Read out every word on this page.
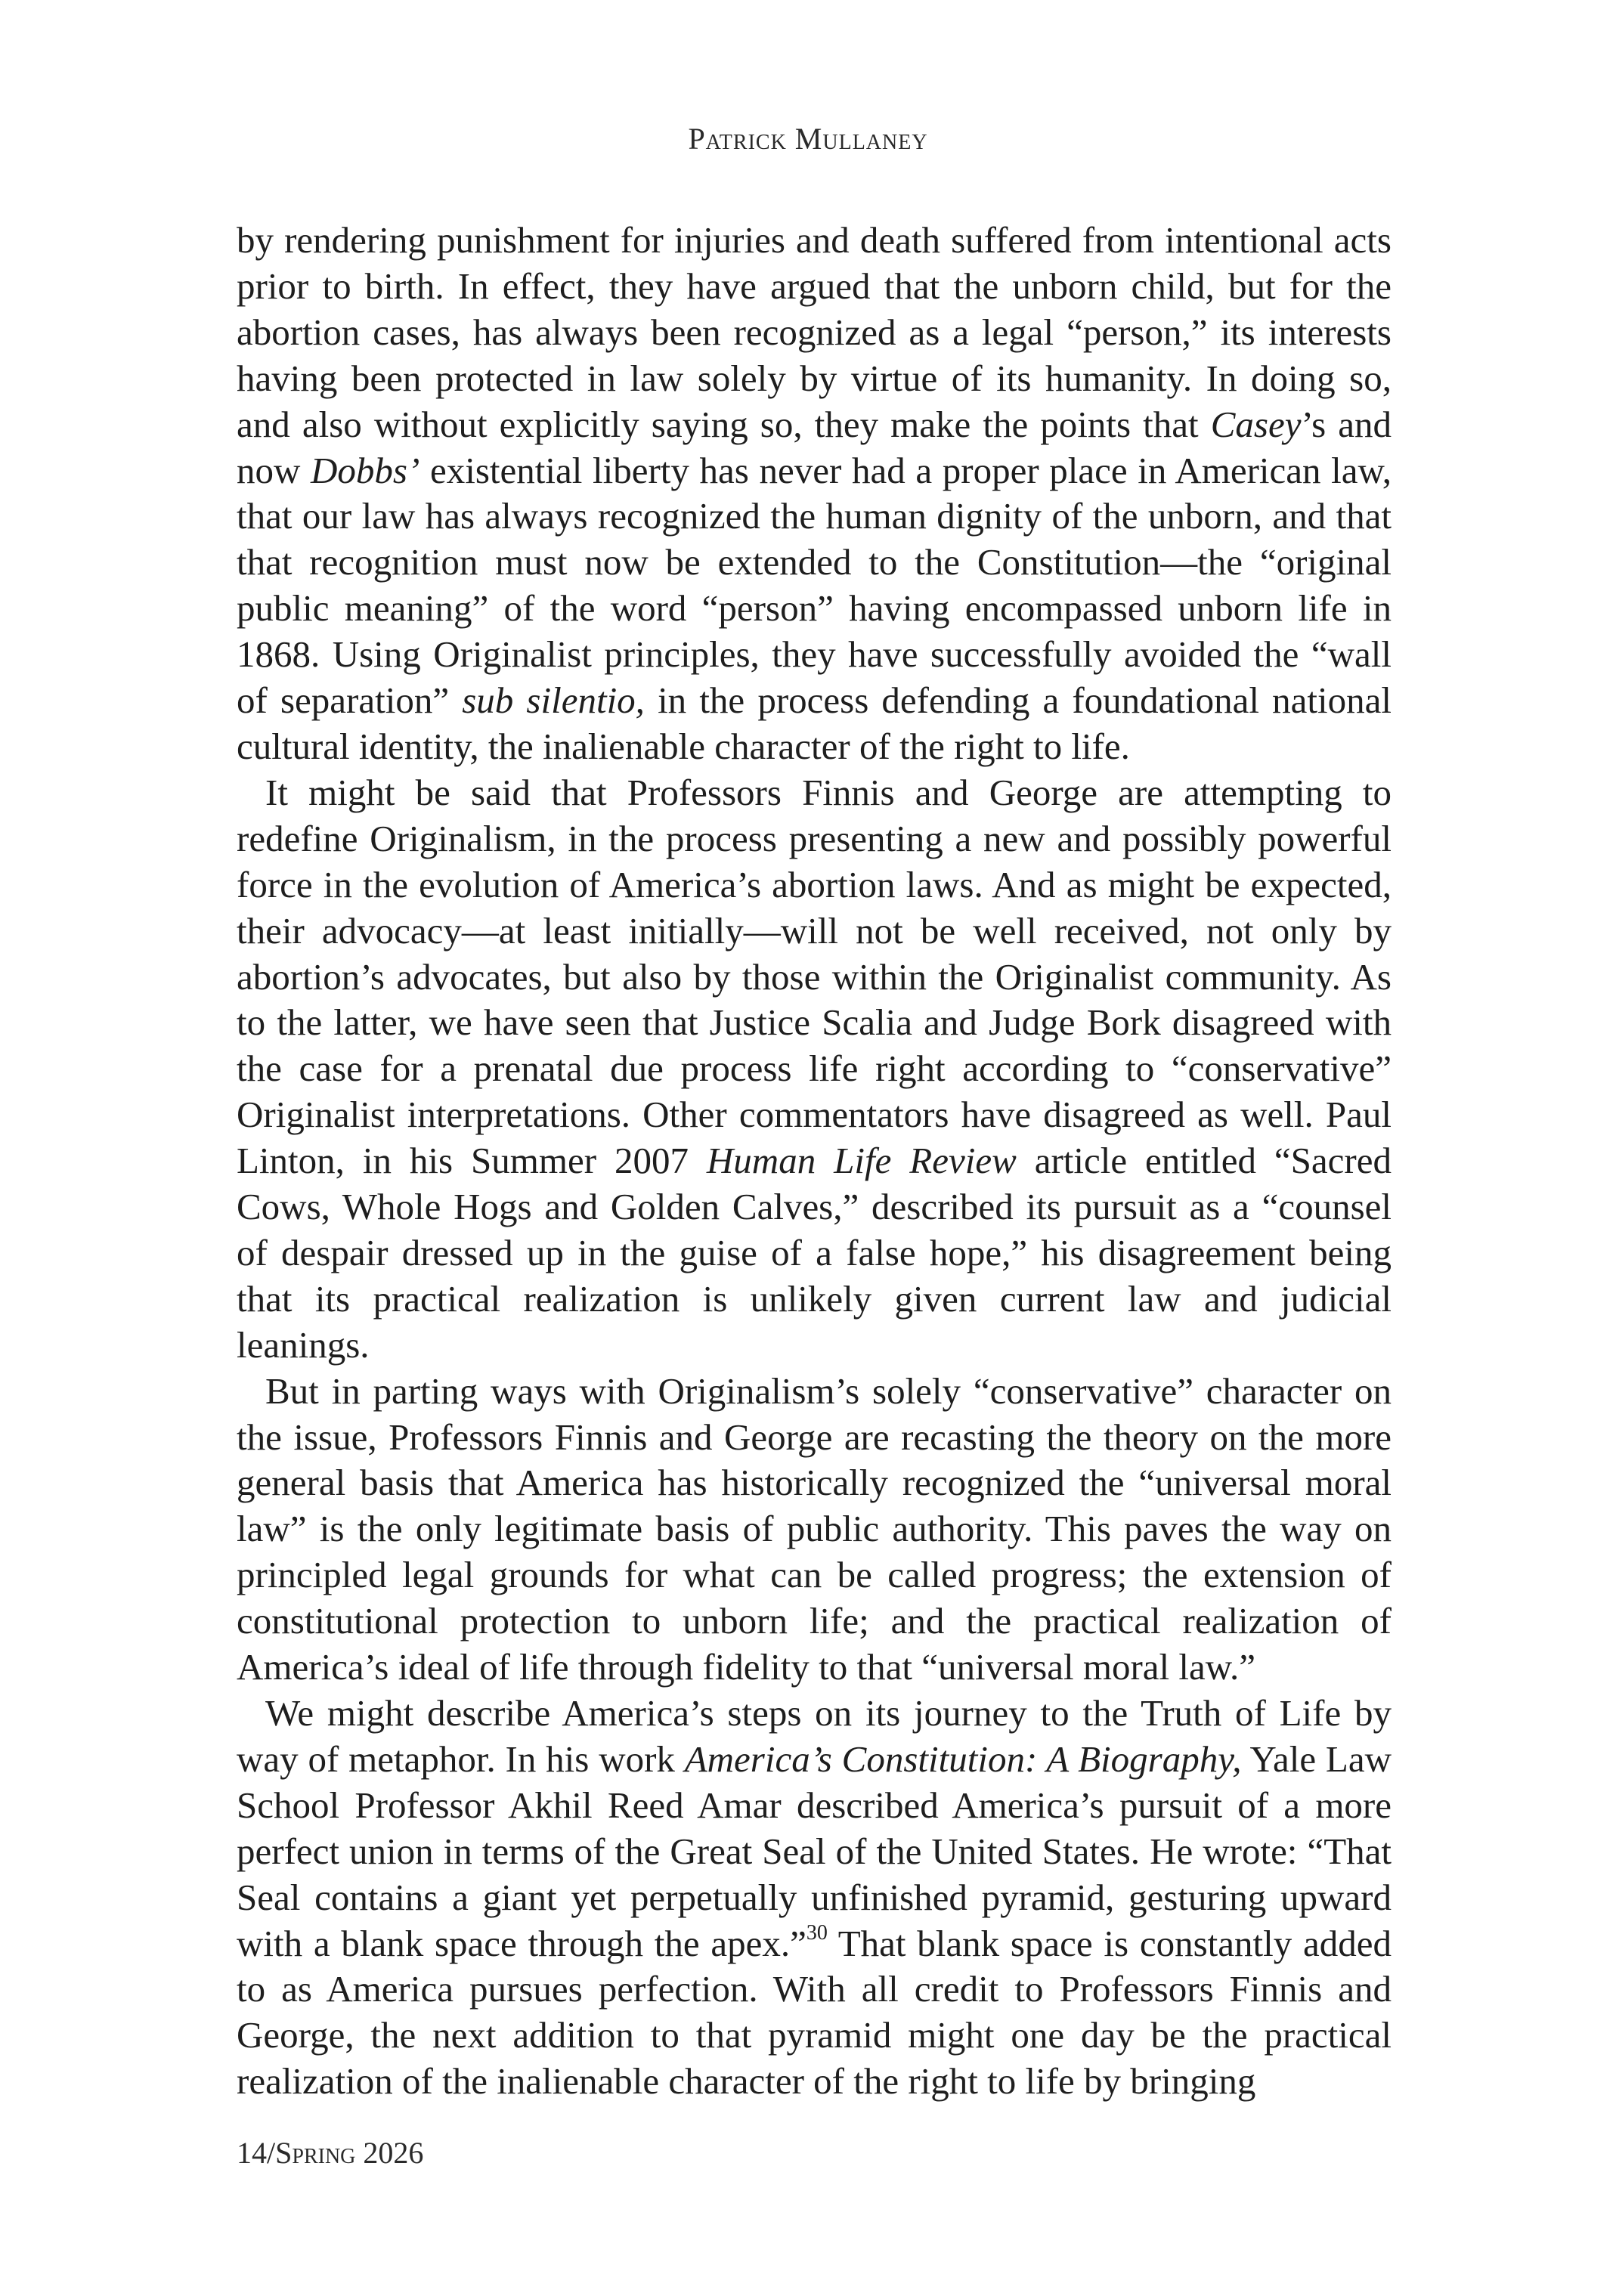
Patrick Mullaney

by rendering punishment for injuries and death suffered from intentional acts prior to birth. In effect, they have argued that the unborn child, but for the abortion cases, has always been recognized as a legal “person,” its interests having been protected in law solely by virtue of its humanity. In doing so, and also without explicitly saying so, they make the points that Casey’s and now Dobbs’ existential liberty has never had a proper place in American law, that our law has always recognized the human dignity of the unborn, and that that recognition must now be extended to the Constitution—the “original public meaning” of the word “person” having encompassed unborn life in 1868. Using Originalist principles, they have successfully avoided the “wall of separation” sub silentio, in the process defending a foundational national cultural identity, the inalienable character of the right to life.

It might be said that Professors Finnis and George are attempting to redefine Originalism, in the process presenting a new and possibly powerful force in the evolution of America’s abortion laws. And as might be expected, their advocacy—at least initially—will not be well received, not only by abortion’s advocates, but also by those within the Originalist community. As to the latter, we have seen that Justice Scalia and Judge Bork disagreed with the case for a prenatal due process life right according to “conservative” Originalist interpretations. Other commentators have disagreed as well. Paul Linton, in his Summer 2007 Human Life Review article entitled “Sacred Cows, Whole Hogs and Golden Calves,” described its pursuit as a “counsel of despair dressed up in the guise of a false hope,” his disagreement being that its practical realization is unlikely given current law and judicial leanings.

But in parting ways with Originalism’s solely “conservative” character on the issue, Professors Finnis and George are recasting the theory on the more general basis that America has historically recognized the “universal moral law” is the only legitimate basis of public authority. This paves the way on principled legal grounds for what can be called progress; the extension of constitutional protection to unborn life; and the practical realization of America’s ideal of life through fidelity to that “universal moral law.”

We might describe America’s steps on its journey to the Truth of Life by way of metaphor. In his work America’s Constitution: A Biography, Yale Law School Professor Akhil Reed Amar described America’s pursuit of a more perfect union in terms of the Great Seal of the United States. He wrote: “That Seal contains a giant yet perpetually unfinished pyramid, gesturing upward with a blank space through the apex.”$^{30}$ That blank space is constantly added to as America pursues perfection. With all credit to Professors Finnis and George, the next addition to that pyramid might one day be the practical realization of the inalienable character of the right to life by bringing

14/Spring 2026
